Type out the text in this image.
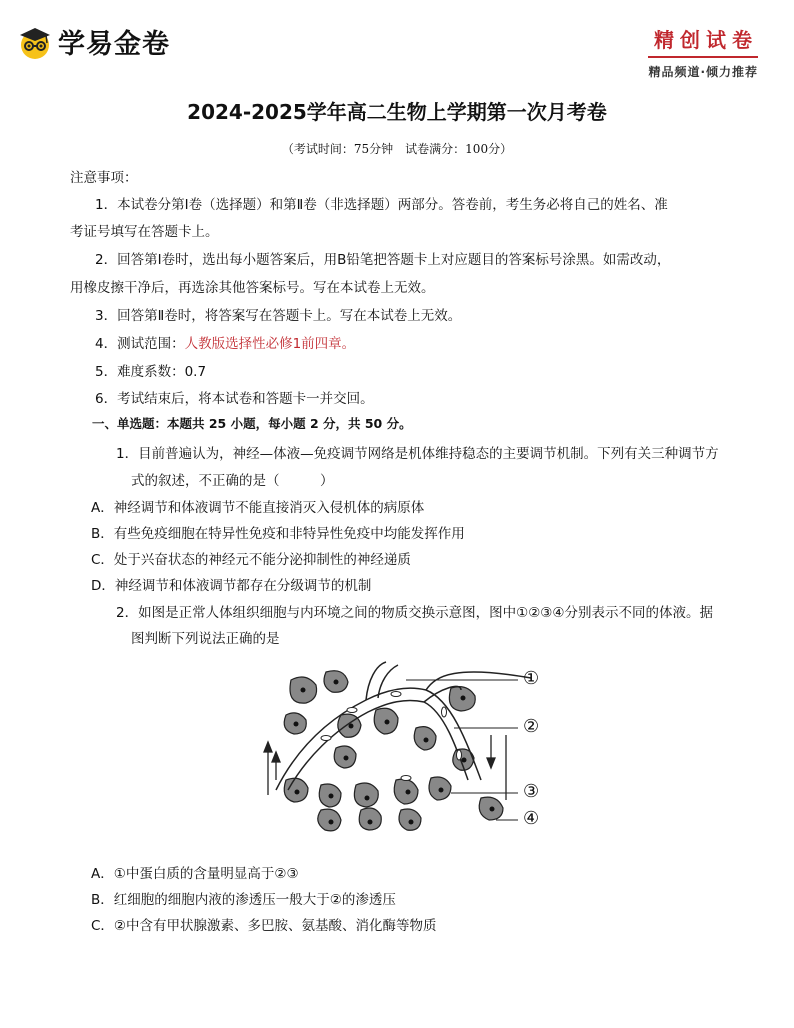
学易金卷	精创试卷
精品频道·倾力推荐
2024-2025学年高二生物上学期第一次月考卷
（考试时间：75分钟　试卷满分：100分）
注意事项：
1．本试卷分第Ⅰ卷（选择题）和第Ⅱ卷（非选择题）两部分。答卷前，考生务必将自己的姓名、准
考证号填写在答题卡上。
2．回答第Ⅰ卷时，选出每小题答案后，用B铅笔把答题卡上对应题目的答案标号涂黑。如需改动，
用橡皮擦干净后，再选涂其他答案标号。写在本试卷上无效。
3．回答第Ⅱ卷时，将答案写在答题卡上。写在本试卷上无效。
4．测试范围：人教版选择性必修1前四章。
5．难度系数：0.7
6．考试结束后，将本试卷和答题卡一并交回。
一、单选题：本题共 25 小题，每小题 2 分，共 50 分。
1．目前普遍认为，神经—体液—免疫调节网络是机体维持稳态的主要调节机制。下列有关三种调节方
式的叙述，不正确的是（　　　）
A．神经调节和体液调节不能直接消灭入侵机体的病原体
B．有些免疫细胞在特异性免疫和非特异性免疫中均能发挥作用
C．处于兴奋状态的神经元不能分泌抑制性的神经递质
D．神经调节和体液调节都存在分级调节的机制
2．如图是正常人体组织细胞与内环境之间的物质交换示意图，图中①②③④分别表示不同的体液。据
图判断下列说法正确的是
①
②
③
④
A．①中蛋白质的含量明显高于②③
B．红细胞的细胞内液的渗透压一般大于②的渗透压
C．②中含有甲状腺激素、多巴胺、氨基酸、消化酶等物质
